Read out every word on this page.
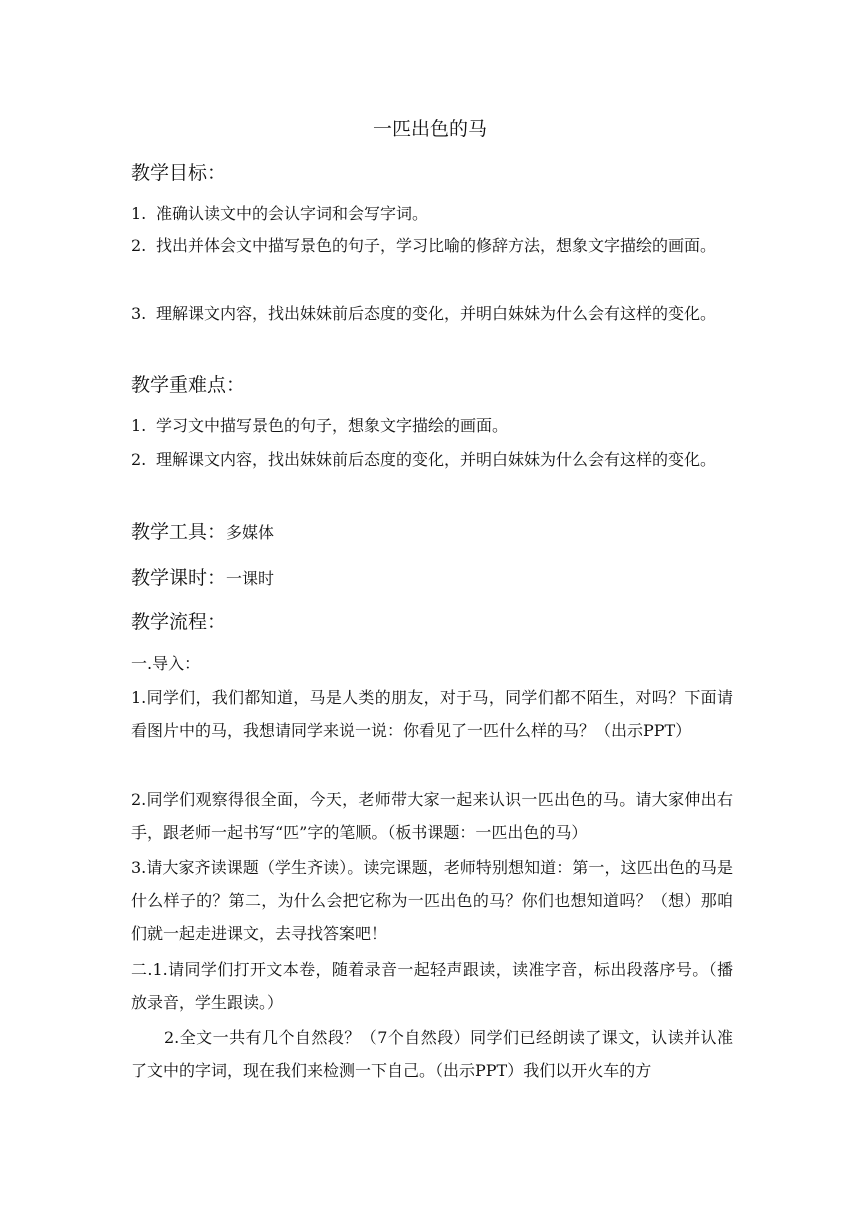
一匹出色的马
教学目标：
1. 准确认读文中的会认字词和会写字词。
2. 找出并体会文中描写景色的句子，学习比喻的修辞方法，想象文字描绘的画面。
3. 理解课文内容，找出妹妹前后态度的变化，并明白妹妹为什么会有这样的变化。
教学重难点：
1. 学习文中描写景色的句子，想象文字描绘的画面。
2. 理解课文内容，找出妹妹前后态度的变化，并明白妹妹为什么会有这样的变化。
教学工具：多媒体
教学课时：一课时
教学流程：
一.导入：
1.同学们，我们都知道，马是人类的朋友，对于马，同学们都不陌生，对吗？下面请看图片中的马，我想请同学来说一说：你看见了一匹什么样的马？（出示PPT）
2.同学们观察得很全面，今天，老师带大家一起来认识一匹出色的马。请大家伸出右手，跟老师一起书写“匹”字的笔顺。（板书课题：一匹出色的马）
3.请大家齐读课题（学生齐读）。读完课题，老师特别想知道：第一，这匹出色的马是什么样子的？第二，为什么会把它称为一匹出色的马？你们也想知道吗？（想）那咱们就一起走进课文，去寻找答案吧！
二.1.请同学们打开文本卷，随着录音一起轻声跟读，读准字音，标出段落序号。（播放录音，学生跟读。）
2.全文一共有几个自然段？（7个自然段）同学们已经朗读了课文，认读并认准了文中的字词，现在我们来检测一下自己。（出示PPT）我们以开火车的方
